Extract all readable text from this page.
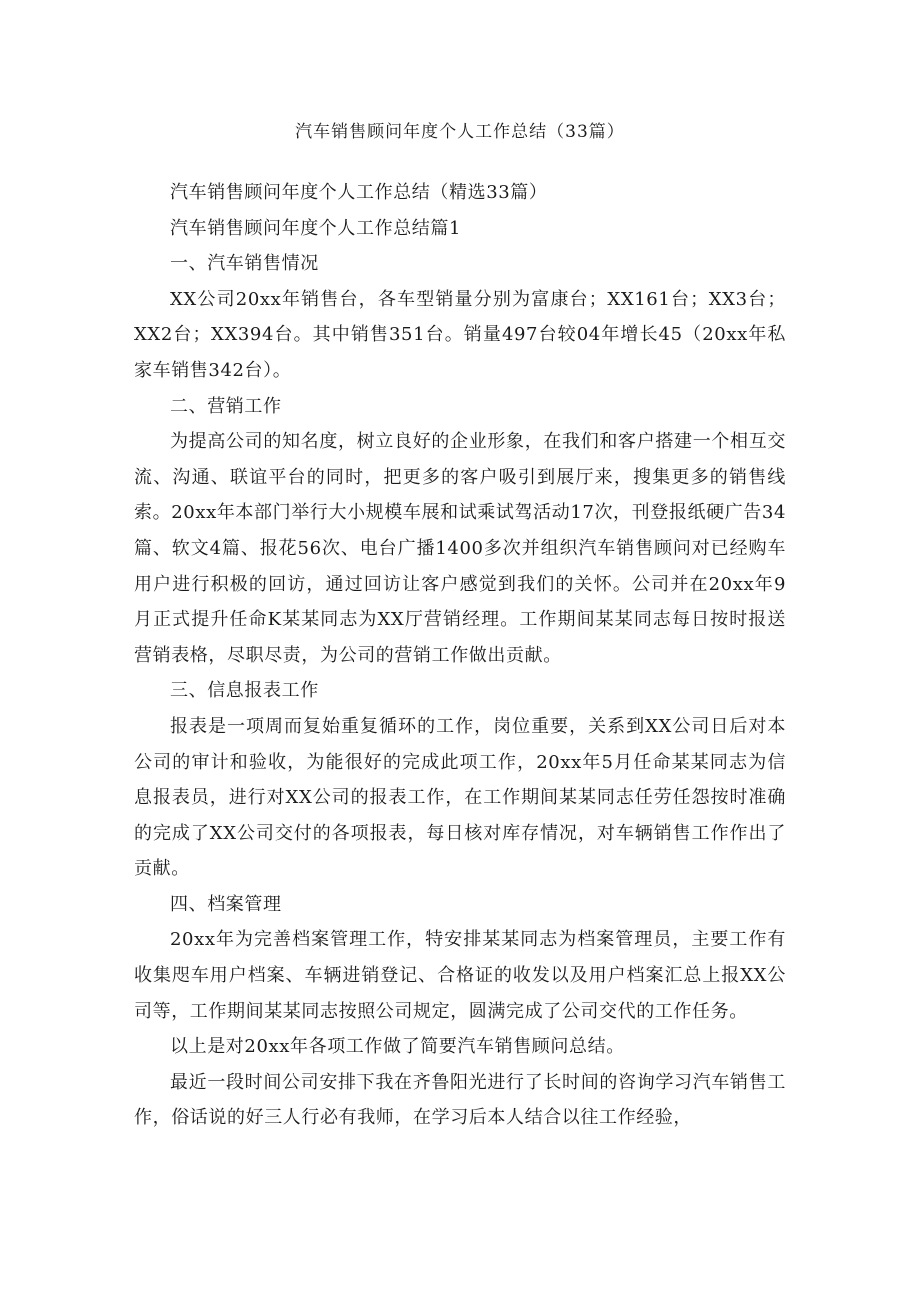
汽车销售顾问年度个人工作总结（33篇）

汽车销售顾问年度个人工作总结（精选33篇）

汽车销售顾问年度个人工作总结篇1

一、汽车销售情况

XX公司20xx年销售台，各车型销量分别为富康台；XX161台；XX3台；XX2台；XX394台。其中销售351台。销量497台较04年增长45（20xx年私家车销售342台）。

二、营销工作

为提高公司的知名度，树立良好的企业形象，在我们和客户搭建一个相互交流、沟通、联谊平台的同时，把更多的客户吸引到展厅来，搜集更多的销售线索。20xx年本部门举行大小规模车展和试乘试驾活动17次，刊登报纸硬广告34篇、软文4篇、报花56次、电台广播1400多次并组织汽车销售顾问对已经购车用户进行积极的回访，通过回访让客户感觉到我们的关怀。公司并在20xx年9月正式提升任命K某某同志为XX厅营销经理。工作期间某某同志每日按时报送营销表格，尽职尽责，为公司的营销工作做出贡献。

三、信息报表工作

报表是一项周而复始重复循环的工作，岗位重要，关系到XX公司日后对本公司的审计和验收，为能很好的完成此项工作，20xx年5月任命某某同志为信息报表员，进行对XX公司的报表工作，在工作期间某某同志任劳任怨按时准确的完成了XX公司交付的各项报表，每日核对库存情况，对车辆销售工作作出了贡献。

四、档案管理

20xx年为完善档案管理工作，特安排某某同志为档案管理员，主要工作有收集咫车用户档案、车辆进销登记、合格证的收发以及用户档案汇总上报XX公司等，工作期间某某同志按照公司规定，圆满完成了公司交代的工作任务。

以上是对20xx年各项工作做了简要汽车销售顾问总结。

最近一段时间公司安排下我在齐鲁阳光进行了长时间的咨询学习汽车销售工作，俗话说的好三人行必有我师，在学习后本人结合以往工作经验，
